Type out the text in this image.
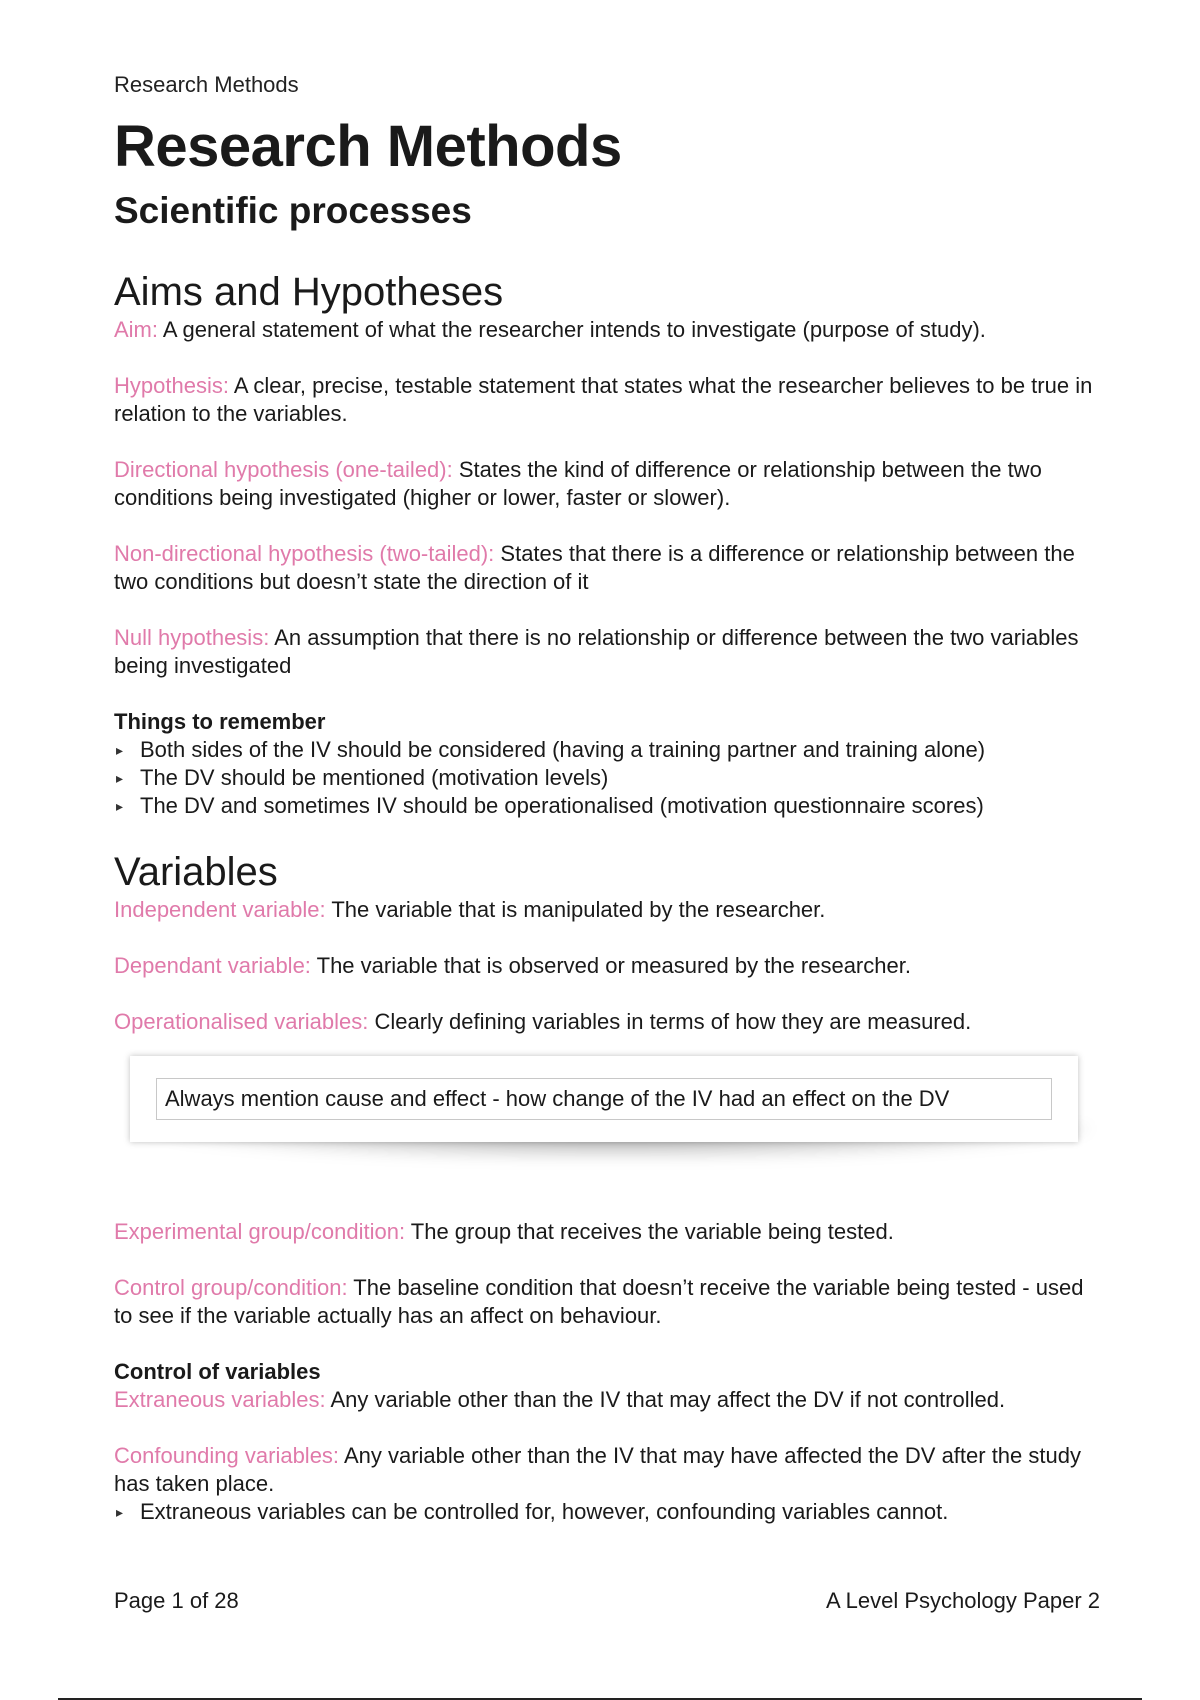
Research Methods
Research Methods
Scientific processes
Aims and Hypotheses

Aim: A general statement of what the researcher intends to investigate (purpose of study).

Hypothesis: A clear, precise, testable statement that states what the researcher believes to be true in relation to the variables.

Directional hypothesis (one-tailed): States the kind of difference or relationship between the two conditions being investigated (higher or lower, faster or slower).

Non-directional hypothesis (two-tailed): States that there is a difference or relationship between the two conditions but doesn’t state the direction of it

Null hypothesis: An assumption that there is no relationship or difference between the two variables being investigated

Things to remember
▸ Both sides of the IV should be considered (having a training partner and training alone)
▸ The DV should be mentioned (motivation levels)
▸ The DV and sometimes IV should be operationalised (motivation questionnaire scores)
Variables

Independent variable: The variable that is manipulated by the researcher.

Dependant variable: The variable that is observed or measured by the researcher.

Operationalised variables: Clearly defining variables in terms of how they are measured.

Always mention cause and effect - how change of the IV had an effect on the DV

Experimental group/condition: The group that receives the variable being tested.

Control group/condition: The baseline condition that doesn’t receive the variable being tested - used to see if the variable actually has an affect on behaviour.

Control of variables

Extraneous variables: Any variable other than the IV that may affect the DV if not controlled.

Confounding variables: Any variable other than the IV that may have affected the DV after the study has taken place.

▸ Extraneous variables can be controlled for, however, confounding variables cannot.
Page 1 of 28	A Level Psychology Paper 2
